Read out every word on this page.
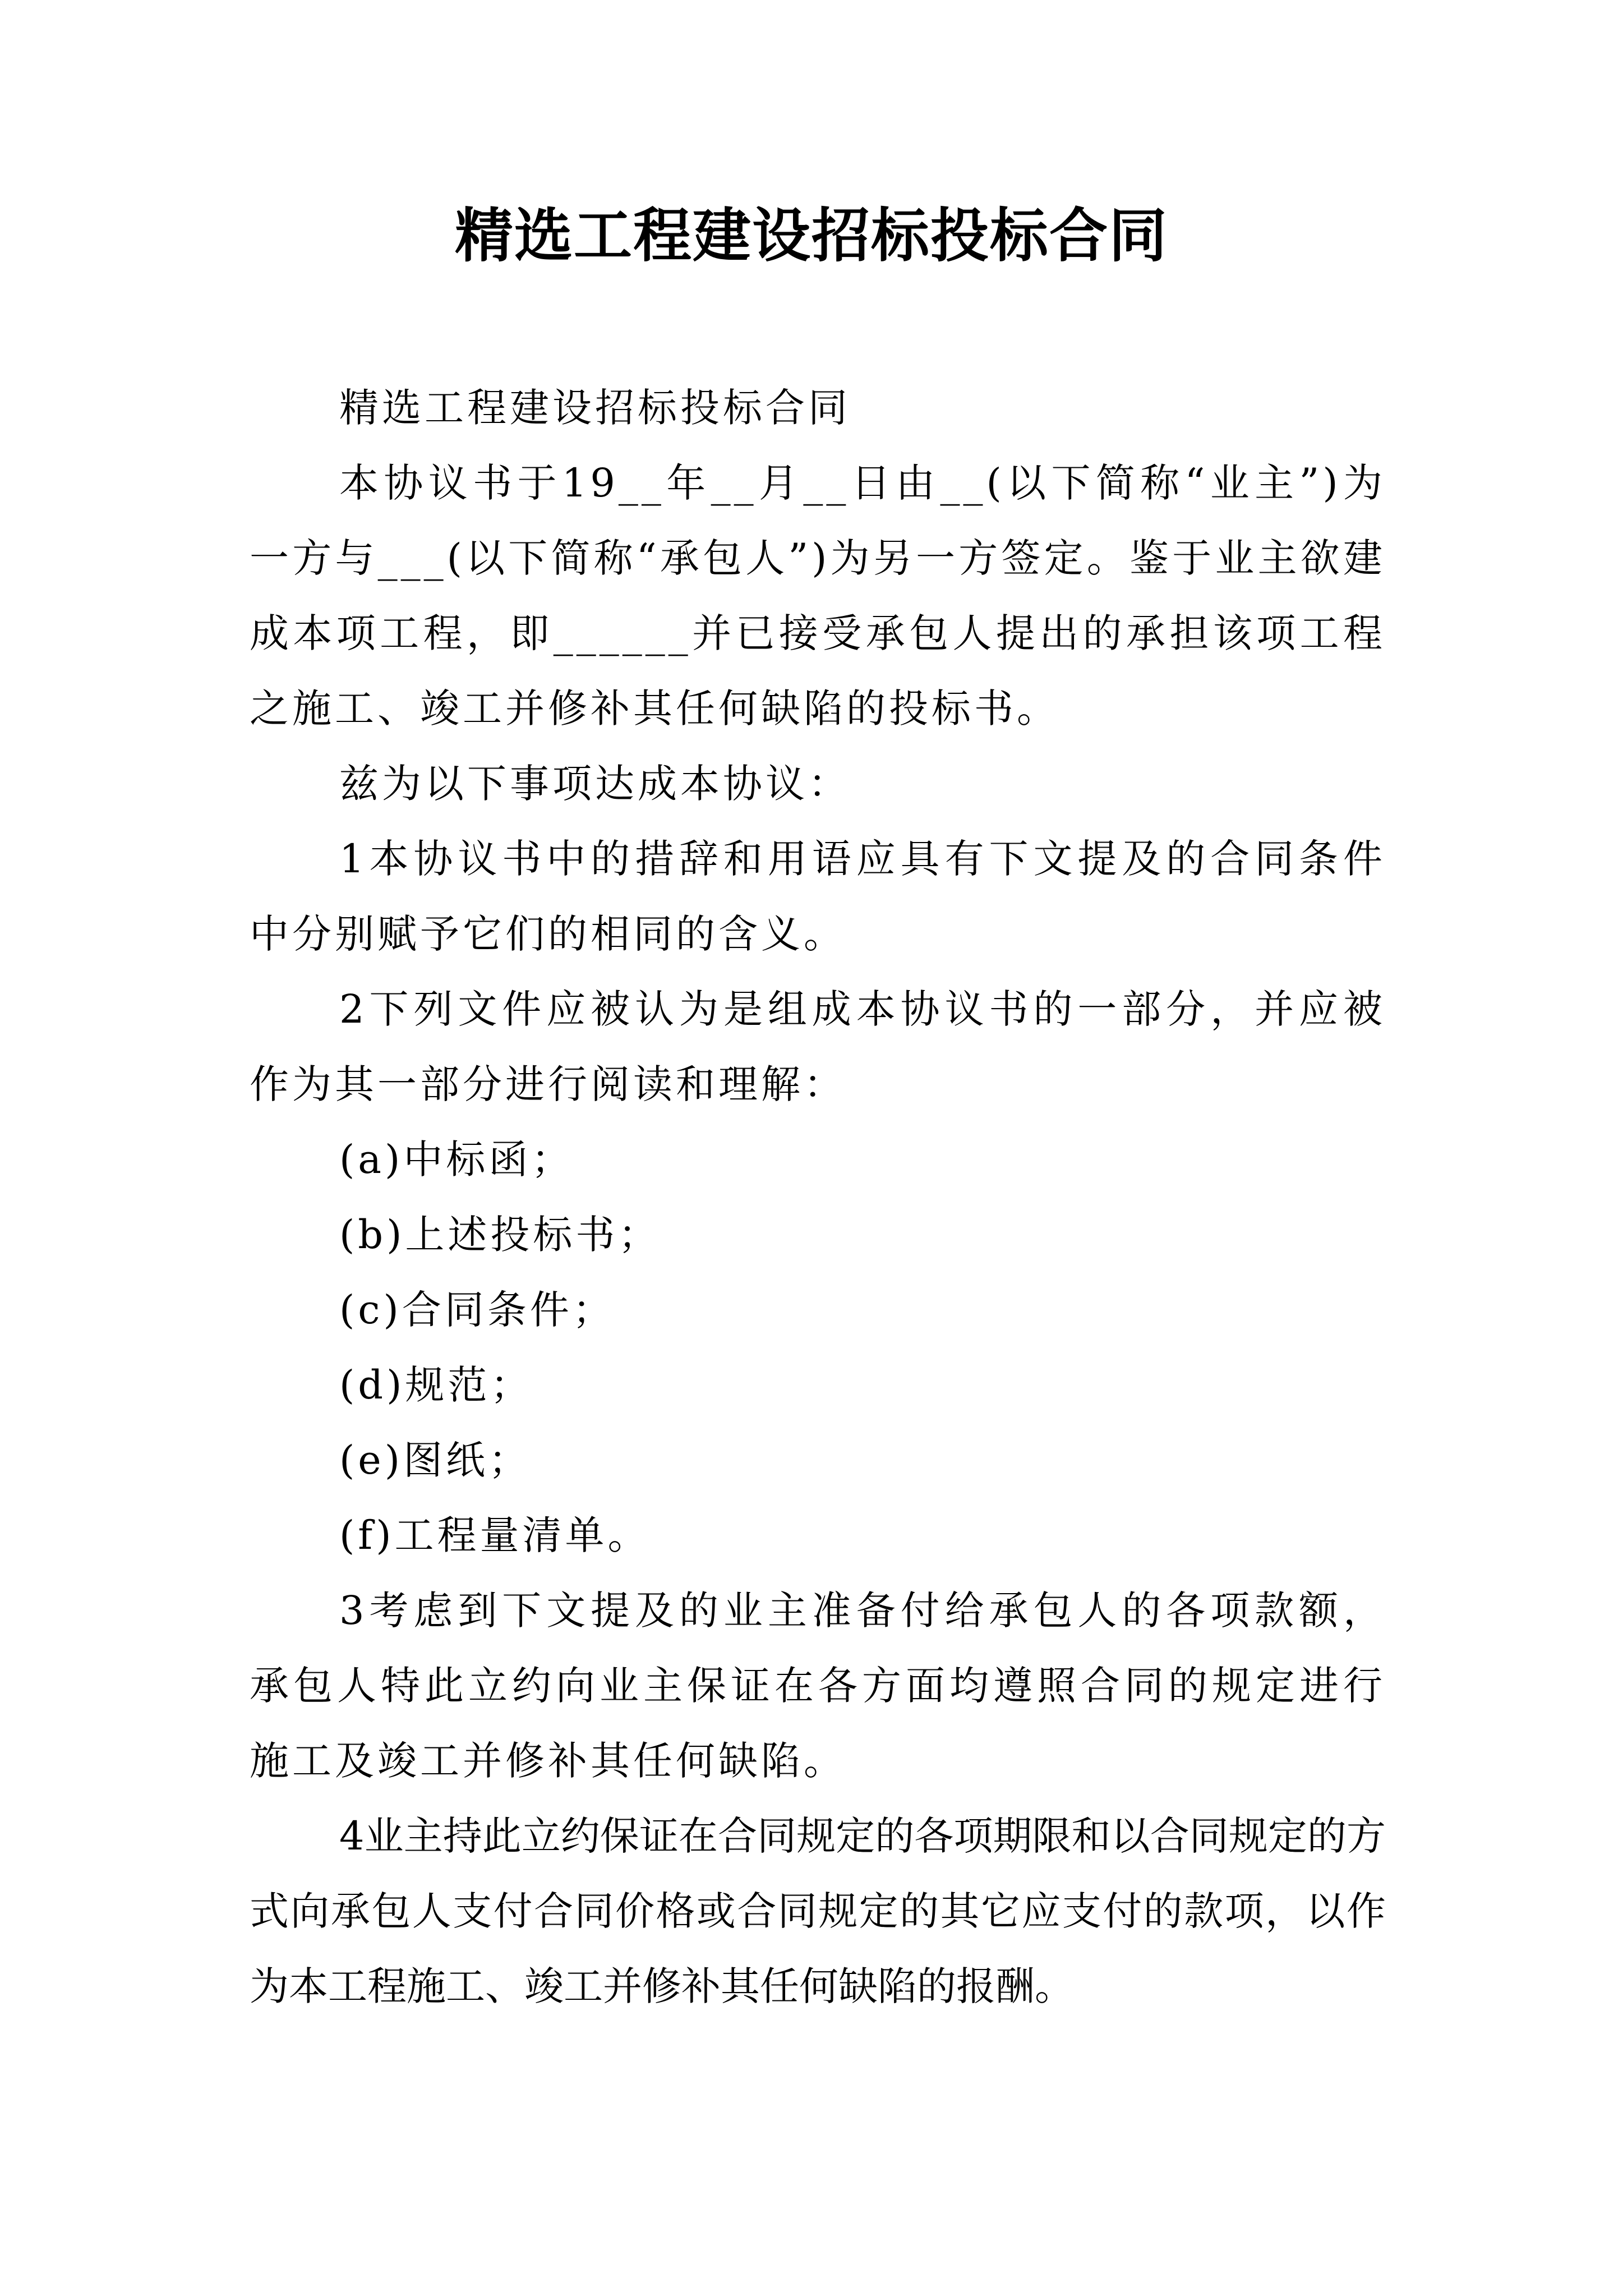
精选工程建设招标投标合同

精选工程建设招标投标合同

本协议书于19__年__月__日由__(以下简称“业主”)为一方与___(以下简称“承包人”)为另一方签定。鉴于业主欲建成本项工程，即______并已接受承包人提出的承担该项工程之施工、竣工并修补其任何缺陷的投标书。

兹为以下事项达成本协议：

1本协议书中的措辞和用语应具有下文提及的合同条件中分别赋予它们的相同的含义。

2下列文件应被认为是组成本协议书的一部分，并应被作为其一部分进行阅读和理解：

(a)中标函；

(b)上述投标书；

(c)合同条件；

(d)规范；

(e)图纸；

(f)工程量清单。

3考虑到下文提及的业主准备付给承包人的各项款额，承包人特此立约向业主保证在各方面均遵照合同的规定进行施工及竣工并修补其任何缺陷。

4业主持此立约保证在合同规定的各项期限和以合同规定的方式向承包人支付合同价格或合同规定的其它应支付的款项，以作为本工程施工、竣工并修补其任何缺陷的报酬。
